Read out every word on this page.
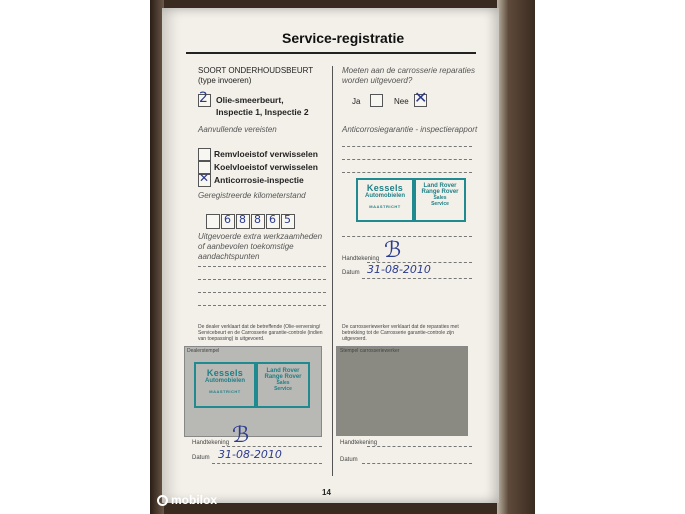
Service-registratie
SOORT ONDERHOUDSBEURT (type invoeren)
2 Olie-smeerbeurt,
Inspectie 1, Inspectie 2
Aanvullende vereisten
Remvloeistof verwisselen
Koelvloeistof verwisselen
✕ Anticorrosie-inspectie
Geregistreerde kilometerstand
6 8 8 6 5
Uitgevoerde extra werkzaamheden of aanbevolen toekomstige aandachtspunten
De dealer verklaart dat de betreffende (Olie-verversing/ Servicebeurt en de Carrosserie garantie-controle (indien van toepassing) is uitgevoerd.
Dealerstempel
Kessels
Automobielen
MAASTRICHT
Land Rover
Range Rover
Sales
Service
Handtekening ℬ
Datum 31-08-2010
Moeten aan de carrosserie reparaties worden uitgevoerd?
Ja	Nee ✕
Anticorrosiegarantie - inspectierapport
Kessels
Automobielen
MAASTRICHT
Land Rover
Range Rover
Sales
Service
Handtekening ℬ
Datum 31-08-2010
De carrosseriewerker verklaart dat de reparaties met betrekking tot de Carrosserie garantie-controle zijn uitgevoerd.
Stempel carrosseriewerker
Handtekening
Datum
14
mobilox
